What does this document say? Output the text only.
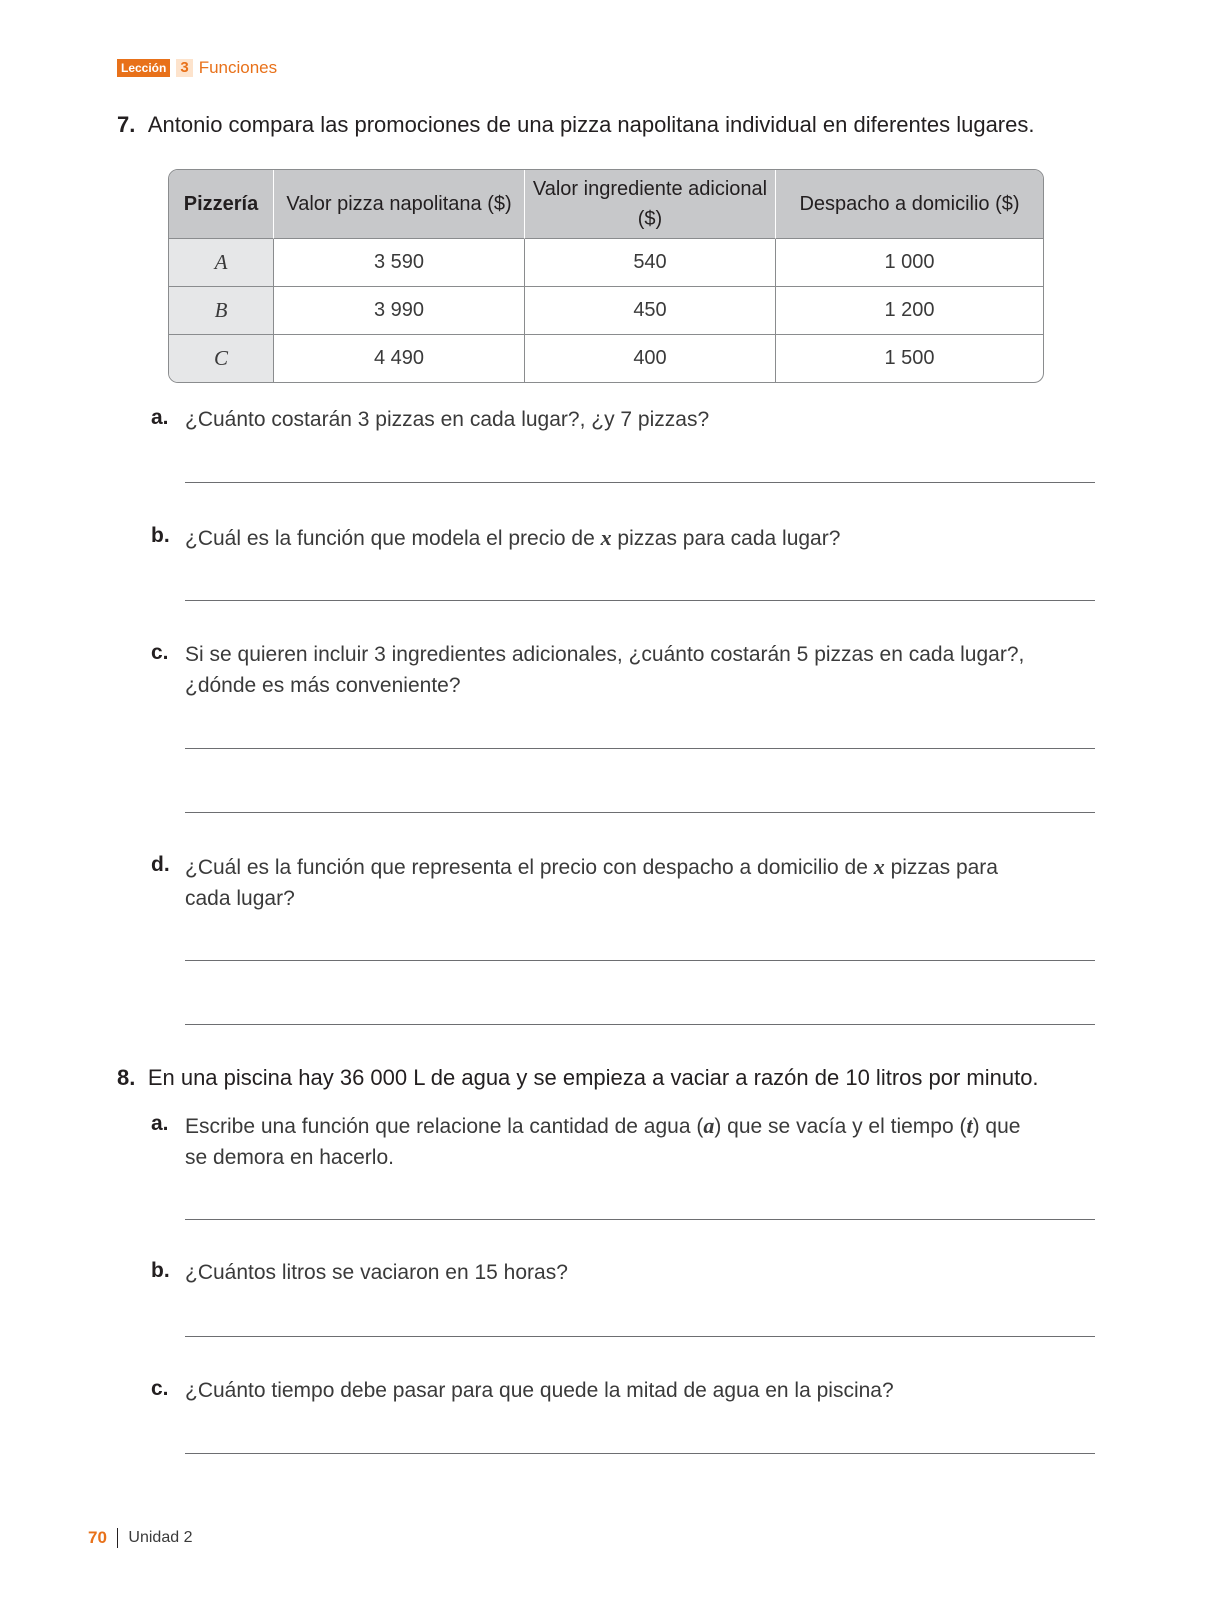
Lección 3 Funciones
7. Antonio compara las promociones de una pizza napolitana individual en diferentes lugares.
Pizzería	Valor pizza napolitana ($)	Valor ingrediente adicional ($)	Despacho a domicilio ($)
A	3 590	540	1 000
B	3 990	450	1 200
C	4 490	400	1 500
a. ¿Cuánto costarán 3 pizzas en cada lugar?, ¿y 7 pizzas?
b. ¿Cuál es la función que modela el precio de x pizzas para cada lugar?
c. Si se quieren incluir 3 ingredientes adicionales, ¿cuánto costarán 5 pizzas en cada lugar?,
¿dónde es más conveniente?
d. ¿Cuál es la función que representa el precio con despacho a domicilio de x pizzas para
cada lugar?
8. En una piscina hay 36 000 L de agua y se empieza a vaciar a razón de 10 litros por minuto.
a. Escribe una función que relacione la cantidad de agua (a) que se vacía y el tiempo (t) que
se demora en hacerlo.
b. ¿Cuántos litros se vaciaron en 15 horas?
c. ¿Cuánto tiempo debe pasar para que quede la mitad de agua en la piscina?
70 Unidad 2
